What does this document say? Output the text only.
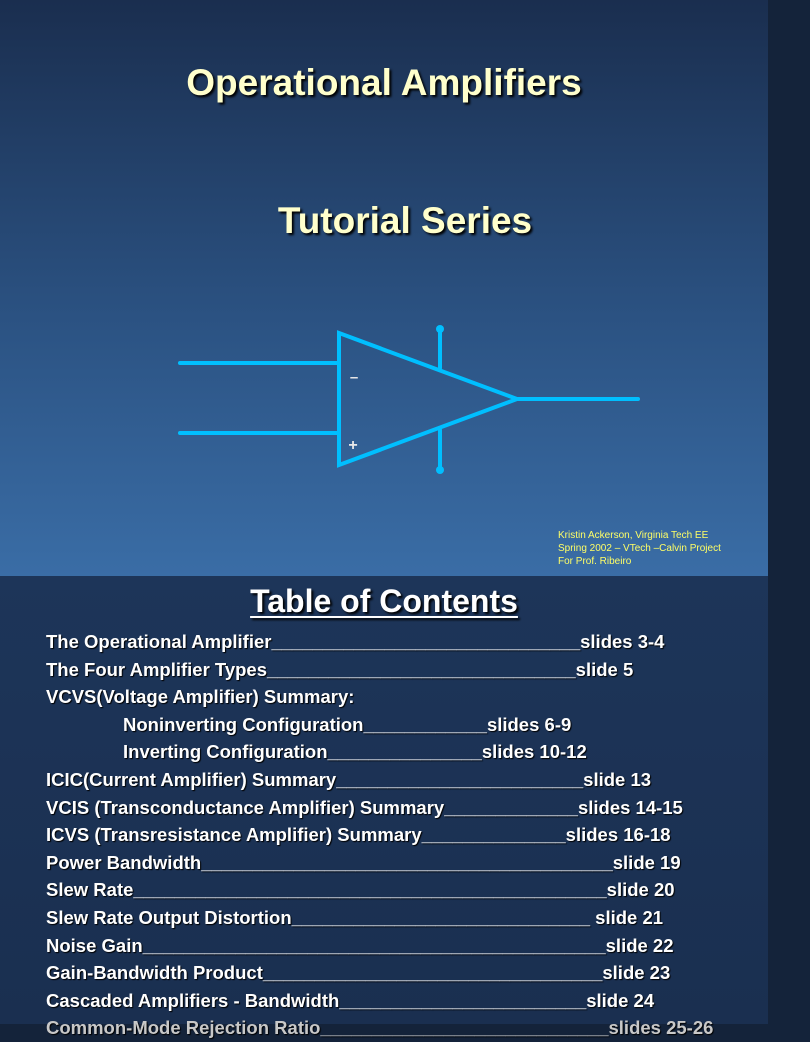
Operational Amplifiers
Tutorial Series
–
+
Kristin Ackerson, Virginia Tech EE
Spring 2002 – VTech –Calvin Project
For Prof. Ribeiro
Table of Contents
The Operational Amplifier______________________________slides 3-4
The Four Amplifier Types______________________________slide 5
VCVS(Voltage Amplifier) Summary:
Noninverting Configuration____________slides 6-9
Inverting Configuration_______________slides 10-12
ICIC(Current Amplifier) Summary________________________slide 13
VCIS (Transconductance Amplifier) Summary_____________slides 14-15
ICVS (Transresistance Amplifier) Summary______________slides 16-18
Power Bandwidth________________________________________slide 19
Slew Rate______________________________________________slide 20
Slew Rate Output Distortion_____________________________ slide 21
Noise Gain_____________________________________________slide 22
Gain-Bandwidth Product_________________________________slide 23
Cascaded Amplifiers - Bandwidth________________________slide 24
Common-Mode Rejection Ratio____________________________slides 25-26
